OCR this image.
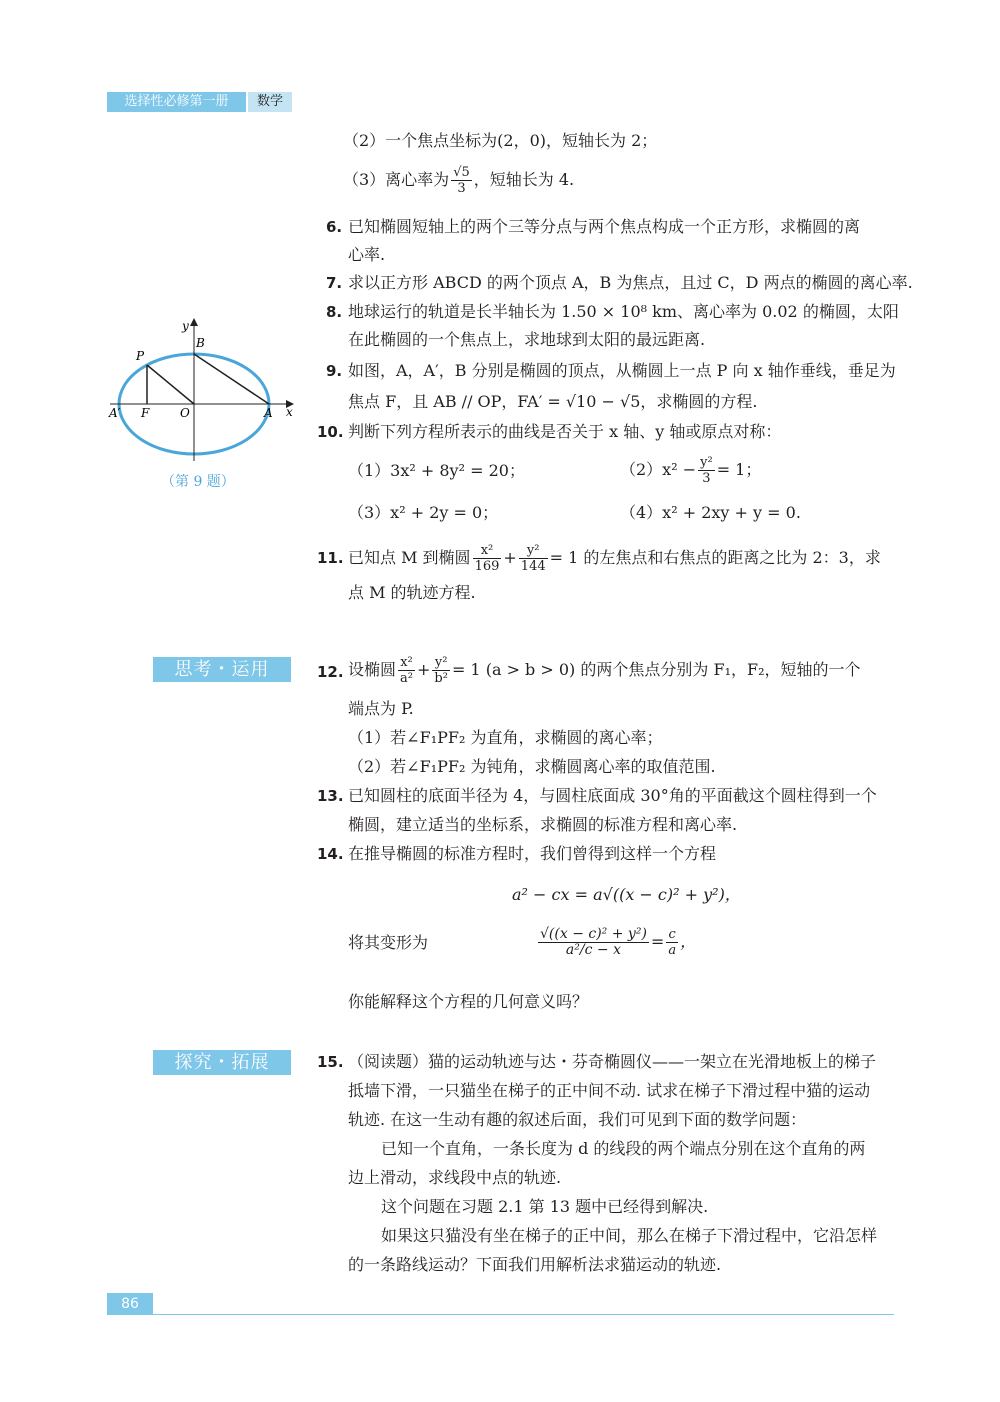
选择性必修第一册	数学
（2）一个焦点坐标为(2，0)，短轴长为 2；
（3）离心率为 $\frac{√5}{3}$ ，短轴长为 4.
6. 已知椭圆短轴上的两个三等分点与两个焦点构成一个正方形，求椭圆的离
心率.
7. 求以正方形 ABCD 的两个顶点 A，B 为焦点，且过 C，D 两点的椭圆的离心率.
8. 地球运行的轨道是长半轴长为 1.50 × 10⁸ km、离心率为 0.02 的椭圆，太阳
在此椭圆的一个焦点上，求地球到太阳的最远距离.
9. 如图，A，A′，B 分别是椭圆的顶点，从椭圆上一点 P 向 x 轴作垂线，垂足为
焦点 F，且 AB // OP，FA′ = √10 − √5，求椭圆的方程.
y
x
P
B
A′ F	O	A
（第 9 题）
10. 判断下列方程所表示的曲线是否关于 x 轴、y 轴或原点对称：
（1）3x² + 8y² = 20；	$(2)x^2 - \frac{\text{y²}}{3} = 1$；
（3）x² + 2y = 0；	（4）x² + 2xy + y = 0.
11. 已知点 M 到椭圆 $\frac{\text{x²}}{169} + \frac{\text{y²}}{144} = 1$ 的左焦点和右焦点的距离之比为 2：3，求
点 M 的轨迹方程.
思考・运用	12. 设椭圆 $\frac{\text{x²}}{\text{a²}} + \frac{\text{y²}}{\text{b²}} = 1$ (a > b > 0) 的两个焦点分别为 F₁，F₂，短轴的一个
端点为 P.
（1）若∠F₁PF₂ 为直角，求椭圆的离心率；
（2）若∠F₁PF₂ 为钝角，求椭圆离心率的取值范围.
13. 已知圆柱的底面半径为 4，与圆柱底面成 30°角的平面截这个圆柱得到一个
椭圆，建立适当的坐标系，求椭圆的标准方程和离心率.
14. 在推导椭圆的标准方程时，我们曾得到这样一个方程
a² − cx = a√((x − c)² + y²)，
将其变形为	$\frac{\text{√((x − c)² + y²)}}{\text{a²/c − x}} = \frac{c}{a}$ ，
你能解释这个方程的几何意义吗？
探究・拓展	15. （阅读题）猫的运动轨迹与达・芬奇椭圆仪——一架立在光滑地板上的梯子
抵墙下滑，一只猫坐在梯子的正中间不动. 试求在梯子下滑过程中猫的运动
轨迹. 在这一生动有趣的叙述后面，我们可见到下面的数学问题：
已知一个直角，一条长度为 d 的线段的两个端点分别在这个直角的两
边上滑动，求线段中点的轨迹.
这个问题在习题 2.1 第 13 题中已经得到解决.
如果这只猫没有坐在梯子的正中间，那么在梯子下滑过程中，它沿怎样
的一条路线运动？下面我们用解析法求猫运动的轨迹.
86
